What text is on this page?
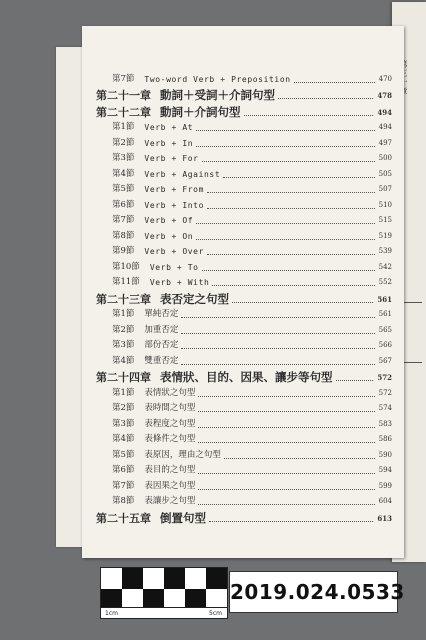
第7節 Two-word Verb + Preposition	470
第二十一章 動詞＋受詞＋介詞句型	478
第二十二章 動詞＋介詞句型	494
第1節 Verb + At	494
第2節 Verb + In	497
第3節 Verb + For	500
第4節 Verb + Against	505
第5節 Verb + From	507
第6節 Verb + Into	510
第7節 Verb + Of	515
第8節 Verb + On	519
第9節 Verb + Over	539
第10節 Verb + To	542
第11節 Verb + With	552
第二十三章 表否定之句型	561
第1節 單純否定	561
第2節 加重否定	565
第3節 部份否定	566
第4節 雙重否定	567
第二十四章 表情狀、目的、因果、讓步等句型	572
第1節 表情狀之句型	572
第2節 表時間之句型	574
第3節 表程度之句型	583
第4節 表條件之句型	586
第5節 表原因，理由之句型	590
第6節 表目的之句型	594
第7節 表因果之句型	599
第8節 表讓步之句型	604
第二十五章 倒置句型	613
1cm	5cm
2019.024.0533
